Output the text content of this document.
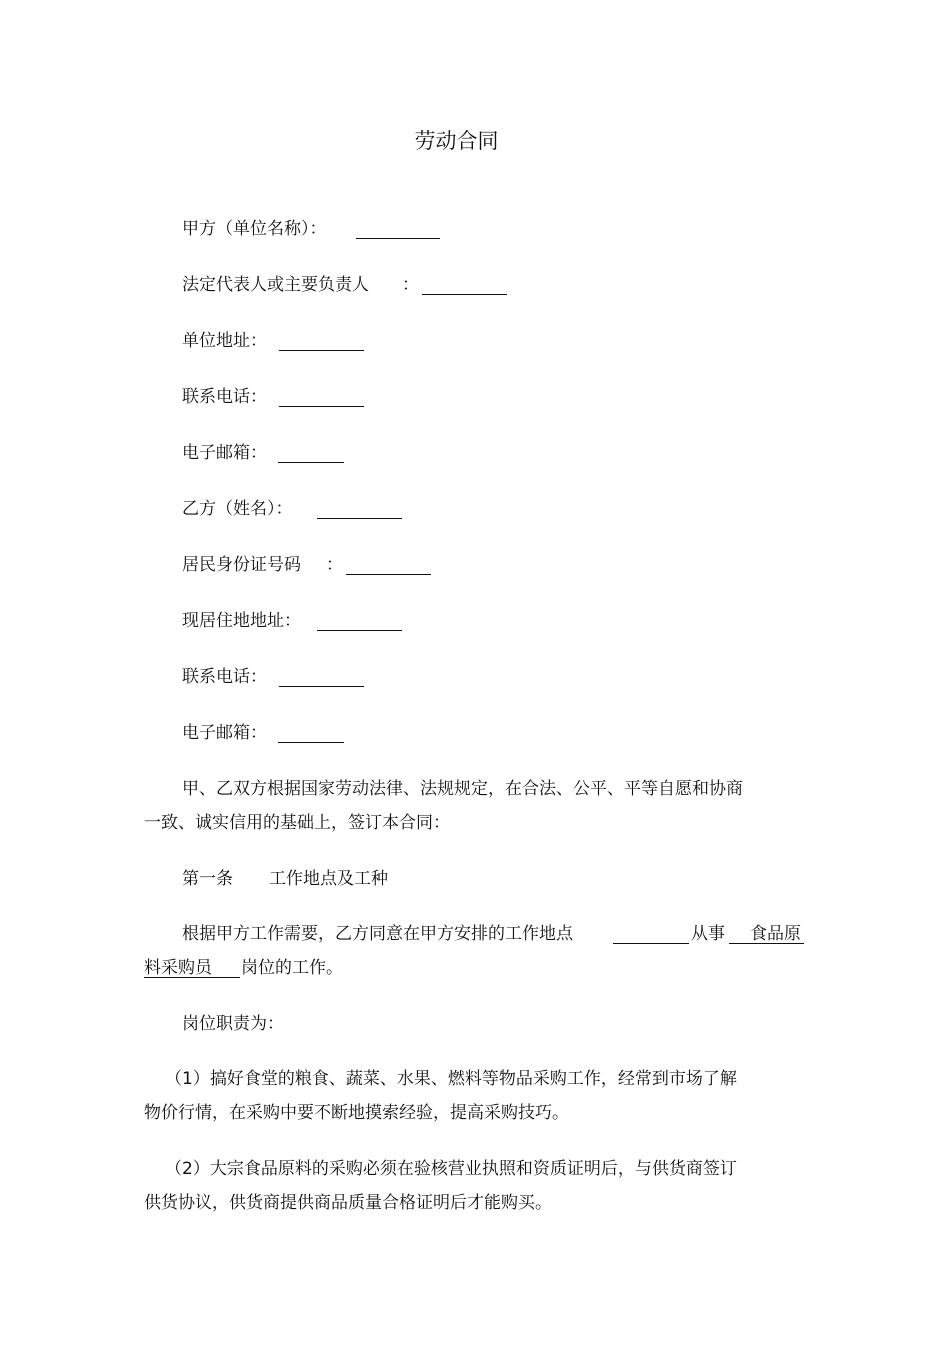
劳动合同
甲方（单位名称）：
法定代表人或主要负责人 ：
单位地址：
联系电话：
电子邮箱：
乙方（姓名）：
居民身份证号码 ：
现居住地地址：
联系电话：
电子邮箱：
甲、乙双方根据国家劳动法律、法规规定，在合法、公平、平等自愿和协商
一致、诚实信用的基础上，签订本合同：
第一条 工作地点及工种
根据甲方工作需要，乙方同意在甲方安排的工作地点	从事 食品原
料采购员 岗位的工作。
岗位职责为：
（1）搞好食堂的粮食、蔬菜、水果、燃料等物品采购工作，经常到市场了解
物价行情，在采购中要不断地摸索经验，提高采购技巧。
（2）大宗食品原料的采购必须在验核营业执照和资质证明后，与供货商签订
供货协议，供货商提供商品质量合格证明后才能购买。
